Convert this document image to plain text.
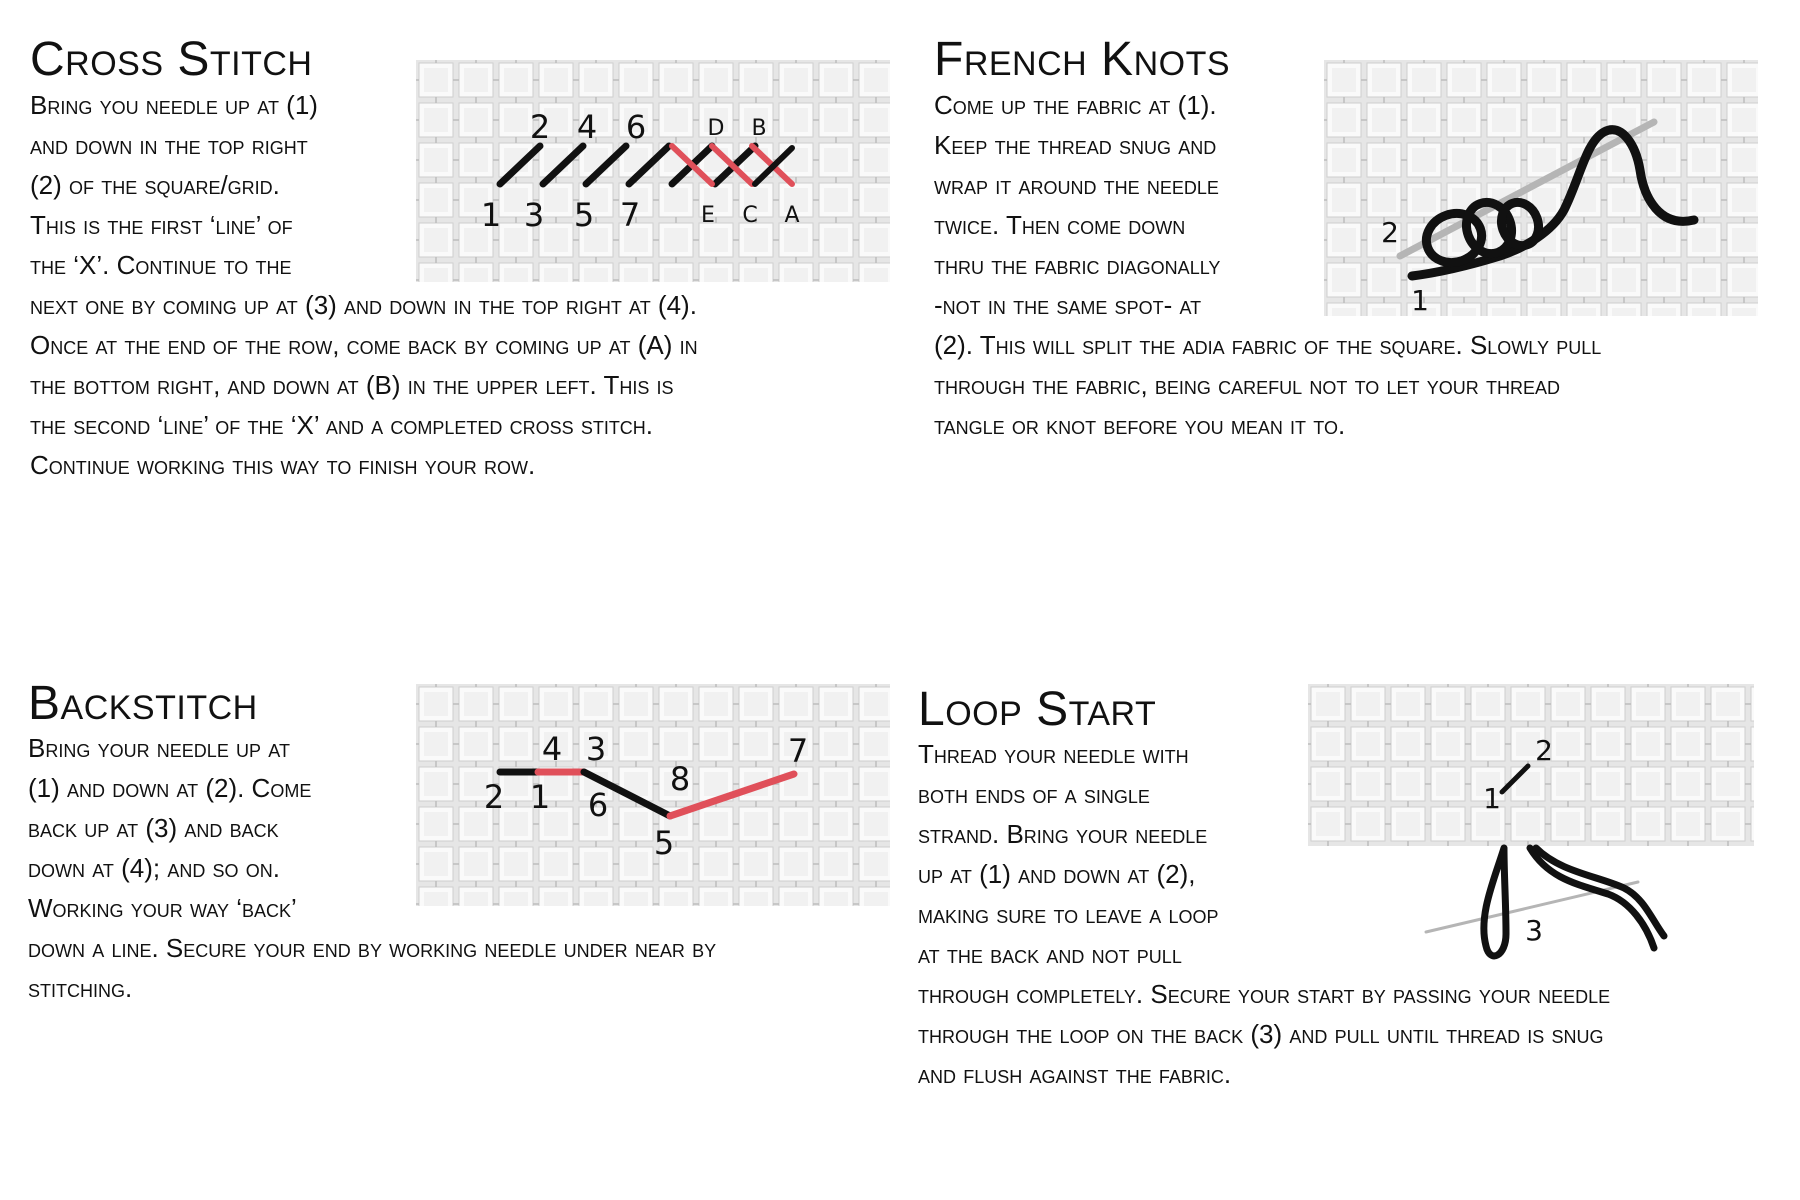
Cross Stitch
Bring you needle up at (1)
and down in the top right
(2) of the square/grid.
This is the first ‘line’ of
the ‘X’. Continue to the
next one by coming up at (3) and down in the top right at (4).
Once at the end of the row, come back by coming up at (A) in
the bottom right, and down at (B) in the upper left. This is
the second ‘line’ of the ‘X’ and a completed cross stitch.
Continue working this way to finish your row.
2 4 6	D B
1 3 5 7	E C A
French Knots
Come up the fabric at (1).
Keep the thread snug and
wrap it around the needle
twice. Then come down
thru the fabric diagonally
-not in the same spot- at
(2). This will split the adia fabric of the square. Slowly pull
through the fabric, being careful not to let your thread
tangle or knot before you mean it to.
2
1
Backstitch
Bring your needle up at
(1) and down at (2). Come
back up at (3) and back
down at (4); and so on.
Working your way ‘back’
down a line. Secure your end by working needle under near by
stitching.
4 3	7
8
2 1 6
5
Loop Start
Thread your needle with
both ends of a single
strand. Bring your needle
up at (1) and down at (2),
making sure to leave a loop
at the back and not pull
through completely. Secure your start by passing your needle
through the loop on the back (3) and pull until thread is snug
and flush against the fabric.
2
1
3
